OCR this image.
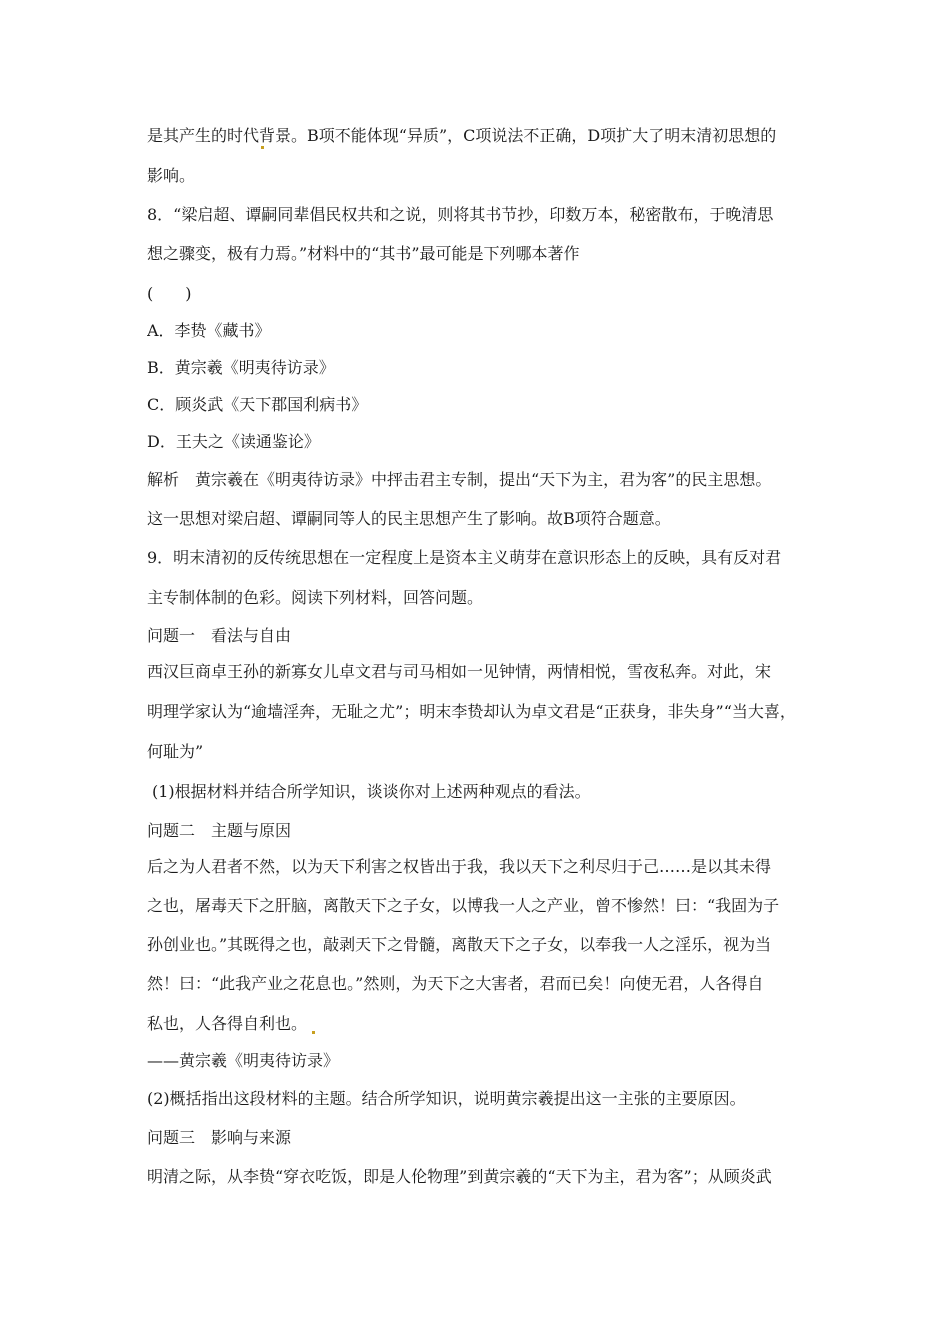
是其产生的时代背景。B项不能体现“异质”，C项说法不正确，D项扩大了明末清初思想的
影响。
8．“梁启超、谭嗣同辈倡民权共和之说，则将其书节抄，印数万本，秘密散布，于晚清思
想之骤变，极有力焉。”材料中的“其书”最可能是下列哪本著作
(　　)
A．李贽《藏书》
B．黄宗羲《明夷待访录》
C．顾炎武《天下郡国利病书》
D．王夫之《读通鉴论》
解析　黄宗羲在《明夷待访录》中抨击君主专制，提出“天下为主，君为客”的民主思想。
这一思想对梁启超、谭嗣同等人的民主思想产生了影响。故B项符合题意。
9．明末清初的反传统思想在一定程度上是资本主义萌芽在意识形态上的反映，具有反对君
主专制体制的色彩。阅读下列材料，回答问题。
问题一　看法与自由
西汉巨商卓王孙的新寡女儿卓文君与司马相如一见钟情，两情相悦，雪夜私奔。对此，宋
明理学家认为“逾墙淫奔，无耻之尤”；明末李贽却认为卓文君是“正获身，非失身”“当大喜，
何耻为”
(1)根据材料并结合所学知识，谈谈你对上述两种观点的看法。
问题二　主题与原因
后之为人君者不然，以为天下利害之权皆出于我，我以天下之利尽归于己……是以其未得
之也，屠毒天下之肝脑，离散天下之子女，以博我一人之产业，曾不惨然！曰：“我固为子
孙创业也。”其既得之也，敲剥天下之骨髓，离散天下之子女，以奉我一人之淫乐，视为当
然！曰：“此我产业之花息也。”然则，为天下之大害者，君而已矣！向使无君，人各得自
私也，人各得自利也。
——黄宗羲《明夷待访录》
(2)概括指出这段材料的主题。结合所学知识，说明黄宗羲提出这一主张的主要原因。
问题三　影响与来源
明清之际，从李贽“穿衣吃饭，即是人伦物理”到黄宗羲的“天下为主，君为客”；从顾炎武
